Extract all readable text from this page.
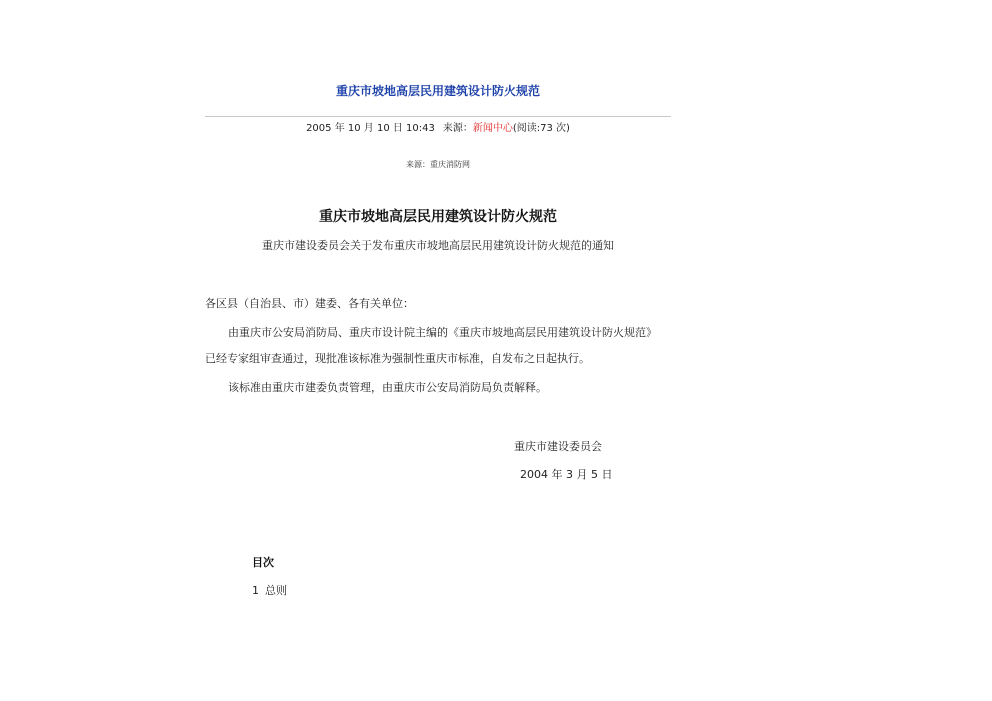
重庆市坡地高层民用建筑设计防火规范
2005 年 10 月 10 日 10:43 来源：新闻中心(阅读:73 次)
来源：重庆消防网
重庆市坡地高层民用建筑设计防火规范
重庆市建设委员会关于发布重庆市坡地高层民用建筑设计防火规范的通知
各区县（自治县、市）建委、各有关单位：
由重庆市公安局消防局、重庆市设计院主编的《重庆市坡地高层民用建筑设计防火规范》
已经专家组审查通过，现批准该标准为强制性重庆市标准，自发布之日起执行。
该标准由重庆市建委负责管理，由重庆市公安局消防局负责解释。
重庆市建设委员会
2004 年 3 月 5 日
目次
1 总则
